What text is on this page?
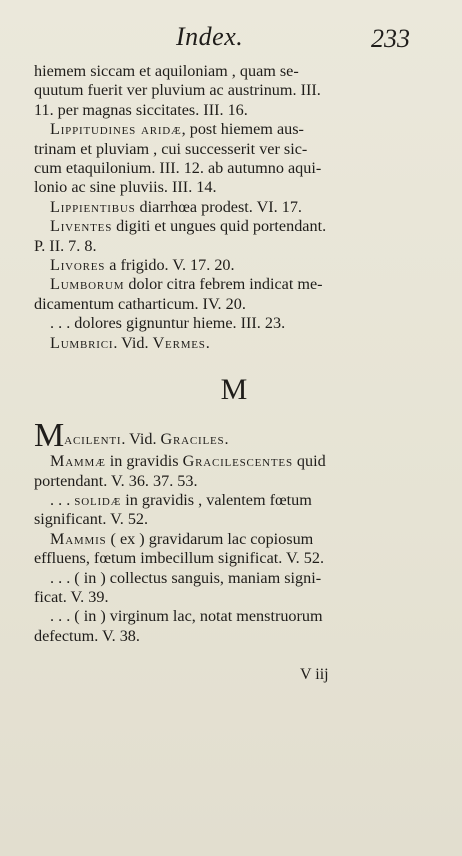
Index.	233
hiemem siccam et aquiloniam , quam se-
quutum fuerit ver pluvium ac austrinum. III.
11. per magnas siccitates. III. 16.
Lippitudines aridæ, post hiemem aus-
trinam et pluviam , cui successerit ver sic-
cum etaquilonium. III. 12. ab autumno aqui-
lonio ac sine pluviis. III. 14.
Lippientibus diarrhœa prodest. VI. 17.
Liventes digiti et ungues quid portendant.
P. II. 7. 8.
Livores a frigido. V. 17. 20.
Lumborum dolor citra febrem indicat me-
dicamentum catharticum. IV. 20.
. . . dolores gignuntur hieme. III. 23.
Lumbrici. Vid. Vermes.
M
Macilenti. Vid. Graciles.
Mammæ in gravidis Gracilescentes quid
portendant. V. 36. 37. 53.
. . . solidæ in gravidis , valentem fœtum
significant. V. 52.
Mammis ( ex ) gravidarum lac copiosum
effluens, fœtum imbecillum significat. V. 52.
. . . ( in ) collectus sanguis, maniam signi-
ficat. V. 39.
. . . ( in ) virginum lac, notat menstruorum
defectum. V. 38.
V iij
